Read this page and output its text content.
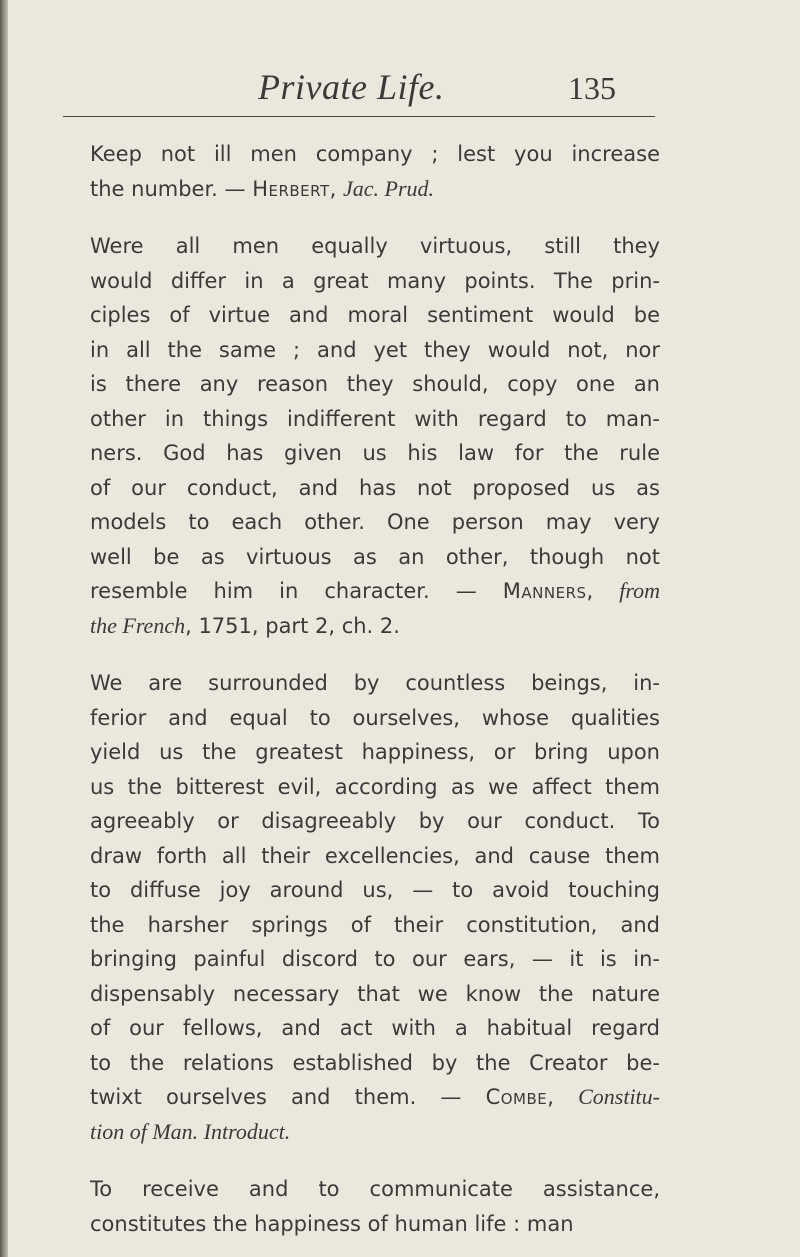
Private Life.	135
Keep not ill men company ; lest you increase
the number. — Herbert, Jac. Prud.
Were all men equally virtuous, still they
would differ in a great many points. The prin-
ciples of virtue and moral sentiment would be
in all the same ; and yet they would not, nor
is there any reason they should, copy one an
other in things indifferent with regard to man-
ners. God has given us his law for the rule
of our conduct, and has not proposed us as
models to each other. One person may very
well be as virtuous as an other, though not
resemble him in character. — Manners, from
the French, 1751, part 2, ch. 2.
We are surrounded by countless beings, in-
ferior and equal to ourselves, whose qualities
yield us the greatest happiness, or bring upon
us the bitterest evil, according as we affect them
agreeably or disagreeably by our conduct. To
draw forth all their excellencies, and cause them
to diffuse joy around us, — to avoid touching
the harsher springs of their constitution, and
bringing painful discord to our ears, — it is in-
dispensably necessary that we know the nature
of our fellows, and act with a habitual regard
to the relations established by the Creator be-
twixt ourselves and them. — Combe, Constitu-
tion of Man. Introduct.
To receive and to communicate assistance,
constitutes the happiness of human life : man
